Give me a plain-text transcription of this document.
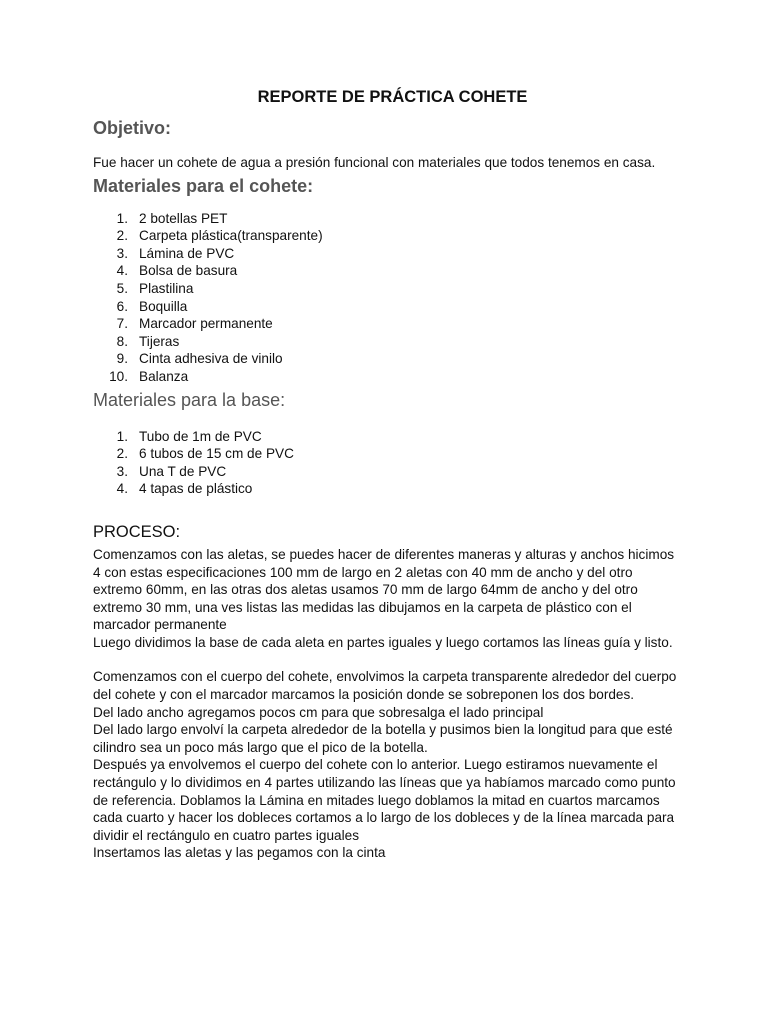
REPORTE DE PRÁCTICA COHETE
Objetivo:

Fue hacer un cohete de agua a presión funcional con materiales que todos tenemos en casa.

Materiales para el cohete:
1. 2 botellas PET
2. Carpeta plástica(transparente)
3. Lámina de PVC
4. Bolsa de basura
5. Plastilina
6. Boquilla
7. Marcador permanente
8. Tijeras
9. Cinta adhesiva de vinilo
10. Balanza
Materiales para la base:
1. Tubo de 1m de PVC
2. 6 tubos de 15 cm de PVC
3. Una T de PVC
4. 4 tapas de plástico
PROCESO:

Comenzamos con las aletas, se puedes hacer de diferentes maneras y alturas y anchos hicimos 4 con estas especificaciones 100 mm de largo en 2 aletas con 40 mm de ancho y del otro extremo 60mm, en las otras dos aletas usamos 70 mm de largo 64mm de ancho y del otro extremo 30 mm, una ves listas las medidas las dibujamos en la carpeta de plástico con el marcador permanente

Luego dividimos la base de cada aleta en partes iguales y luego cortamos las líneas guía y listo.

Comenzamos con el cuerpo del cohete, envolvimos la carpeta transparente alrededor del cuerpo del cohete y con el marcador marcamos la posición donde se sobreponen los dos bordes.

Del lado ancho agregamos pocos cm para que sobresalga el lado principal

Del lado largo envolví la carpeta alrededor de la botella y pusimos bien la longitud para que esté cilindro sea un poco más largo que el pico de la botella.

Después ya envolvemos el cuerpo del cohete con lo anterior. Luego estiramos nuevamente el rectángulo y lo dividimos en 4 partes utilizando las líneas que ya habíamos marcado como punto de referencia. Doblamos la Lámina en mitades luego doblamos la mitad en cuartos marcamos cada cuarto y hacer los dobleces cortamos a lo largo de los dobleces y de la línea marcada para dividir el rectángulo en cuatro partes iguales

Insertamos las aletas y las pegamos con la cinta
